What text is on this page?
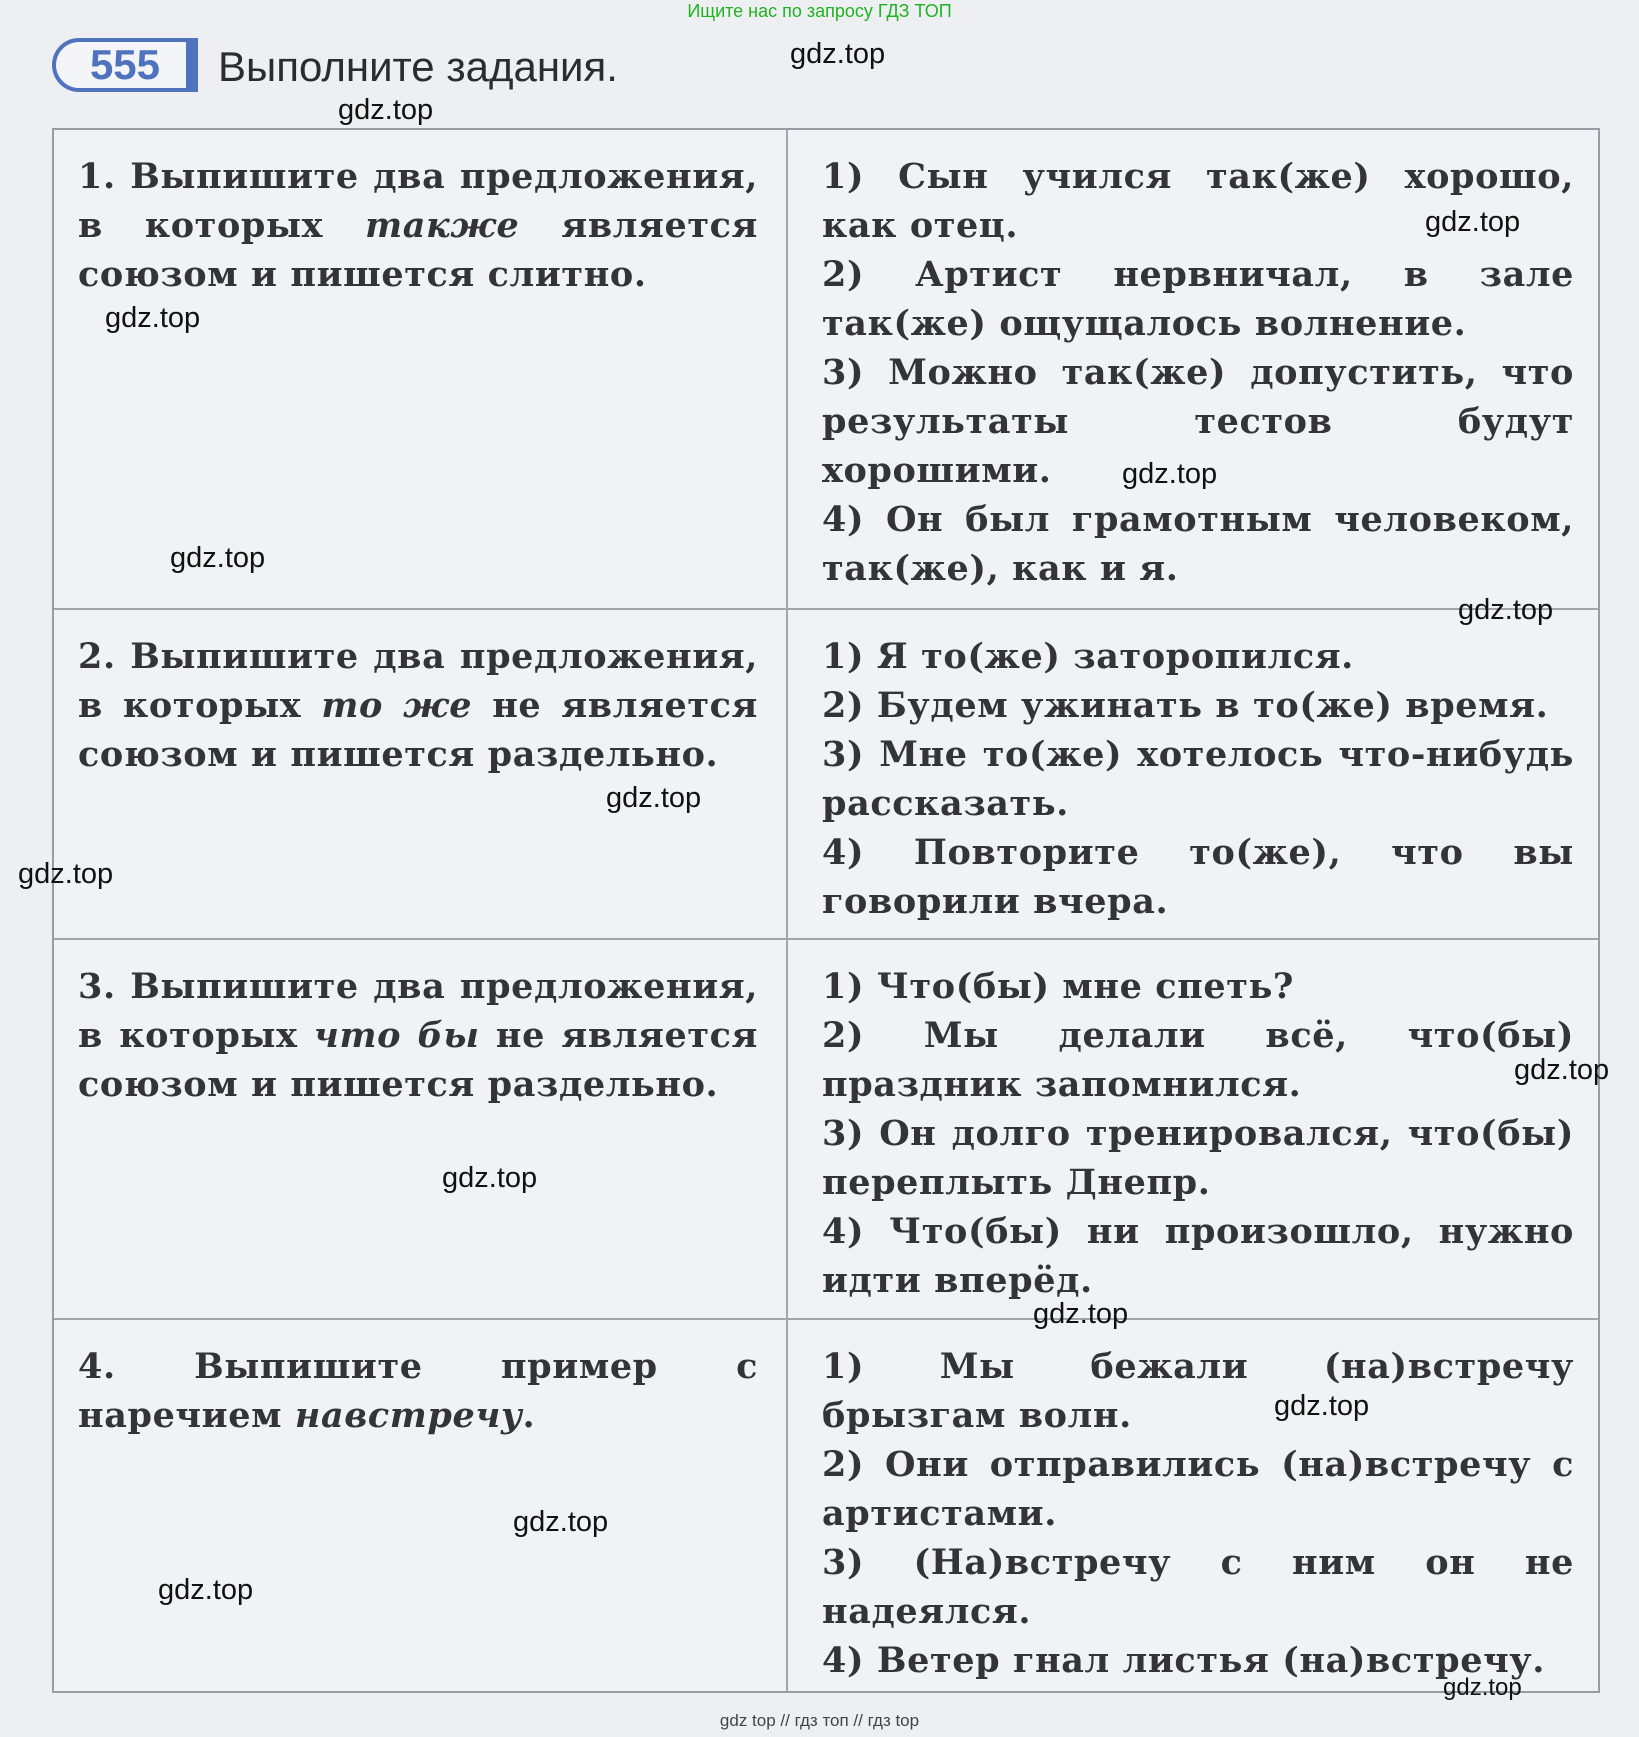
Ищите нас по запросу ГДЗ ТОП
555 Выполните задания.
1. Выпишите два предложения, в которых также является союзом и пишется слитно.
1) Сын учился так(же) хорошо, как отец.
2) Артист нервничал, в зале так(же) ощущалось волнение.
3) Можно так(же) допустить, что результаты тестов будут хорошими.
4) Он был грамотным человеком, так(же), как и я.
2. Выпишите два предложения, в которых то же не является союзом и пишется раздельно.
1) Я то(же) заторопился.
2) Будем ужинать в то(же) время.
3) Мне то(же) хотелось что-нибудь рассказать.
4) Повторите то(же), что вы говорили вчера.
3. Выпишите два предложения, в которых что бы не является союзом и пишется раздельно.
1) Что(бы) мне спеть?
2) Мы делали всё, что(бы) праздник запомнился.
3) Он долго тренировался, что(бы) переплыть Днепр.
4) Что(бы) ни произошло, нужно идти вперёд.
4. Выпишите пример с наречием навстречу.
1) Мы бежали (на)встречу брызгам волн.
2) Они отправились (на)встречу с артистами.
3) (На)встречу с ним он не надеялся.
4) Ветер гнал листья (на)встречу.
gdz.top
gdz.top
gdz.top
gdz.top
gdz.top
gdz.top
gdz.top
gdz.top
gdz.top
gdz.top
gdz.top
gdz.top
gdz.top
gdz.top
gdz.top
gdz.top
gdz top // гдз топ // гдз top
